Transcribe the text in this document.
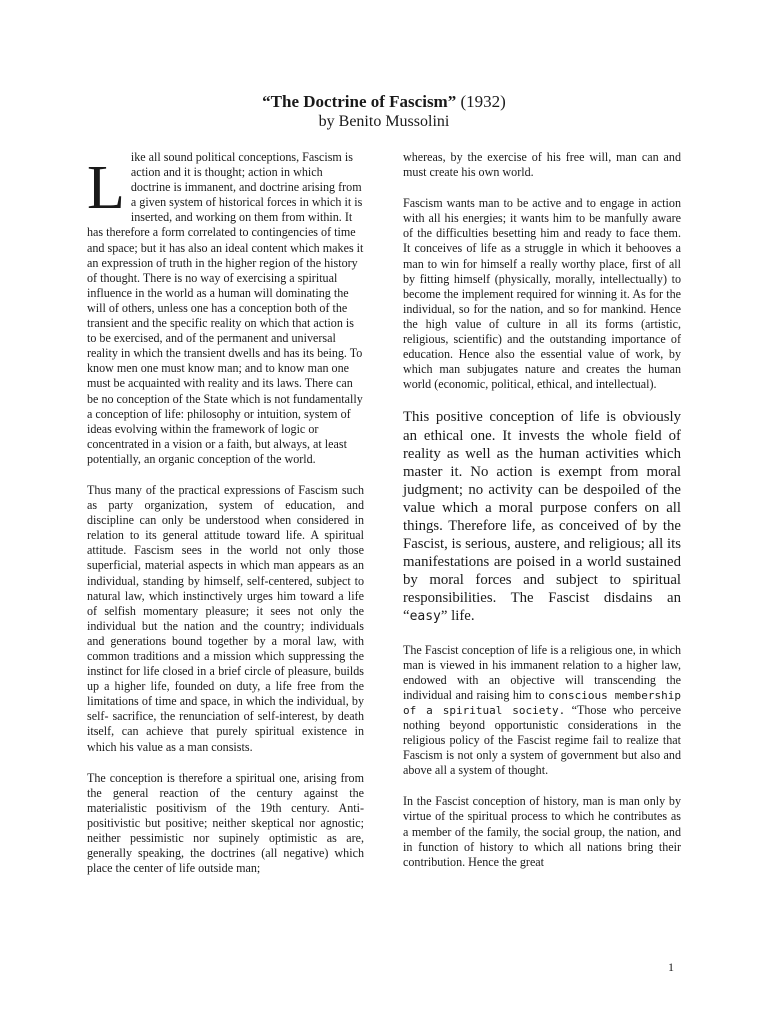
“The Doctrine of Fascism” (1932)

by Benito Mussolini

Like all sound political conceptions, Fascism is action and it is thought; action in which doctrine is immanent, and doctrine arising from a given system of historical forces in which it is inserted, and working on them from within. It has therefore a form correlated to contingencies of time and space; but it has also an ideal content which makes it an expression of truth in the higher region of the history of thought. There is no way of exercising a spiritual influence in the world as a human will dominating the will of others, unless one has a conception both of the transient and the specific reality on which that action is to be exercised, and of the permanent and universal reality in which the transient dwells and has its being. To know men one must know man; and to know man one must be acquainted with reality and its laws. There can be no conception of the State which is not fundamentally a conception of life: philosophy or intuition, system of ideas evolving within the framework of logic or concentrated in a vision or a faith, but always, at least potentially, an organic conception of the world.

Thus many of the practical expressions of Fascism such as party organization, system of education, and discipline can only be understood when considered in relation to its general attitude toward life. A spiritual attitude. Fascism sees in the world not only those superficial, material aspects in which man appears as an individual, standing by himself, self-centered, subject to natural law, which instinctively urges him toward a life of selfish momentary pleasure; it sees not only the individual but the nation and the country; individuals and generations bound together by a moral law, with common traditions and a mission which suppressing the instinct for life closed in a brief circle of pleasure, builds up a higher life, founded on duty, a life free from the limitations of time and space, in which the individual, by self- sacrifice, the renunciation of self-interest, by death itself, can achieve that purely spiritual existence in which his value as a man consists.

The conception is therefore a spiritual one, arising from the general reaction of the century against the materialistic positivism of the 19th century. Anti-positivistic but positive; neither skeptical nor agnostic; neither pessimistic nor supinely optimistic as are, generally speaking, the doctrines (all negative) which place the center of life outside man;

whereas, by the exercise of his free will, man can and must create his own world.

Fascism wants man to be active and to engage in action with all his energies; it wants him to be manfully aware of the difficulties besetting him and ready to face them. It conceives of life as a struggle in which it behooves a man to win for himself a really worthy place, first of all by fitting himself (physically, morally, intellectually) to become the implement required for winning it. As for the individual, so for the nation, and so for mankind. Hence the high value of culture in all its forms (artistic, religious, scientific) and the outstanding importance of education. Hence also the essential value of work, by which man subjugates nature and creates the human world (economic, political, ethical, and intellectual).

This positive conception of life is obviously an ethical one. It invests the whole field of reality as well as the human activities which master it. No action is exempt from moral judgment; no activity can be despoiled of the value which a moral purpose confers on all things. Therefore life, as conceived of by the Fascist, is serious, austere, and religious; all its manifestations are poised in a world sustained by moral forces and subject to spiritual responsibilities. The Fascist disdains an “easy” life.

The Fascist conception of life is a religious one, in which man is viewed in his immanent relation to a higher law, endowed with an objective will transcending the individual and raising him to conscious membership of a spiritual society. “Those who perceive nothing beyond opportunistic considerations in the religious policy of the Fascist regime fail to realize that Fascism is not only a system of government but also and above all a system of thought.

In the Fascist conception of history, man is man only by virtue of the spiritual process to which he contributes as a member of the family, the social group, the nation, and in function of history to which all nations bring their contribution. Hence the great

1
